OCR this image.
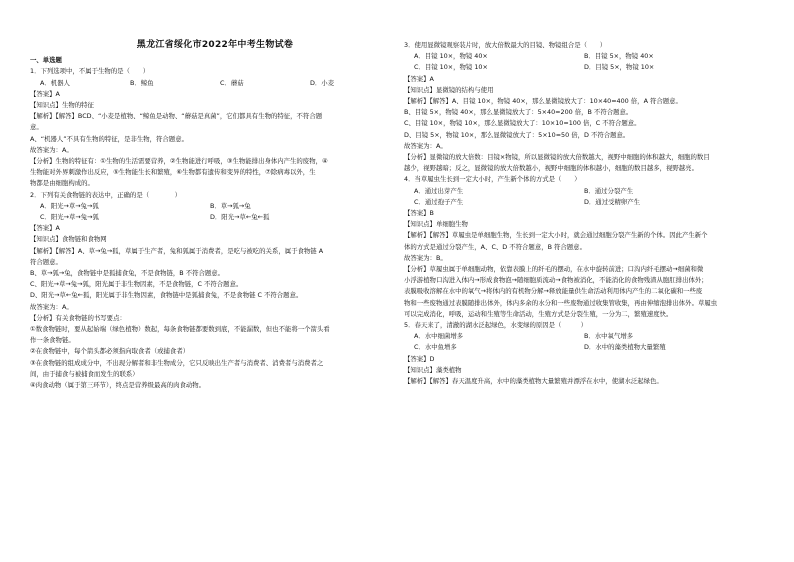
黑龙江省绥化市2022年中考生物试卷

一、单选题

1．下列选项中，不属于生物的是（　　）

A．机器人	B．鲸鱼	C．蘑菇	D．小麦

【答案】A

【知识点】生物的特征

【解析】【解答】BCD、“小麦是植物、“鲸鱼是动物、“蘑菇是真菌”，它们都具有生物的特征，不符合题

意。

A、“机器人”不具有生物的特征，是非生物，符合题意。

故答案为：A。

【分析】生物的特征有：①生物的生活需要营养，②生物能进行呼吸，③生物能排出身体内产生的废物，④

生物能对外界刺激作出反应，⑤生物能生长和繁殖，⑥生物都有遗传和变异的特性，⑦除病毒以外，生

物都是由细胞构成的。

2．下列有关食物链的表达中，正确的是（　　　　）

A．阳光→草→兔→狐	B．草→狐→兔
C．阳光→草→兔→狐	D．阳光→草←兔←狐

【答案】A

【知识点】食物链和食物网

【解析】【解答】A、草→兔→狐，草属于生产者，兔和狐属于消费者，是吃与被吃的关系，属于食物链 A

符合题意。

B、草→狐→兔，食物链中是狐捕食兔，不是食物链，B 不符合题意。

C、阳光→草→兔→狐，阳光属于非生物因素，不是食物链，C 不符合题意。

D、阳光→草←兔←狐，阳光属于非生物因素，食物链中是狐捕食兔，不是食物链 C 不符合题意。

故答案为：A。

【分析】有关食物链的书写要点：

①数食物链时，要从起始端（绿色植物）数起，每条食物链都要数到底，不能漏数，但也不能将一个箭头看

作一条食物链。

②在食物链中，每个箭头都必须指向取食者（或捕食者）

③在食物链的组成成分中，不出现分解者和非生物成分，它只反映出生产者与消费者、消费者与消费者之

间，由于捕食与被捕食而发生的联系）

④肉食动物（属于第三环节），终点是营养级最高的肉食动物。

3．使用显微镜观察装片时，放大倍数最大的目镜、物镜组合是（　　）

A．目镜 10×，物镜 40×	B．目镜 5×，物镜 40×
C．目镜 10×，物镜 10×	D．目镜 5×，物镜 10×

【答案】A

【知识点】显微镜的结构与使用

【解析】【解答】A、目镜 10×，物镜 40×，那么显微镜放大了：10×40=400 倍，A 符合题意。

B、目镜 5×，物镜 40×，那么显微镜放大了：5×40=200 倍，B 不符合题意。

C、目镜 10×，物镜 10×，那么显微镜放大了：10×10=100 倍，C 不符合题意。

D、目镜 5×，物镜 10×，那么显微镜放大了：5×10=50 倍，D 不符合题意。

故答案为：A。

【分析】显微镜的放大倍数：目镜×物镜，所以显微镜的放大倍数越大，视野中细胞的体积越大，细胞的数目

越少，视野越暗；反之，显微镜的放大倍数越小，视野中细胞的体积越小，细胞的数目越多，视野越亮。

4．当草履虫生长到一定大小时，产生新个体的方式是（　　）

A．通过出芽产生	B．通过分裂产生
C．通过孢子产生	D．通过受精卵产生

【答案】B

【知识点】单细胞生物

【解析】【解答】草履虫是单细胞生物，生长到一定大小时，就会通过细胞分裂产生新的个体。因此产生新个

体的方式是通过分裂产生，A、C、D 不符合题意，B 符合题意。

故答案为：B。

【分析】草履虫属于单细胞动物，依靠表膜上的纤毛的摆动，在水中旋转前进；口沟内纤毛摆动→细菌和微

小浮游植物口沟进入体内→形成食物泡→随细胞质流动→食物被消化，不能消化的食物残渣从胞肛排出体外；

表膜吸收溶解在水中的氧气→将体内的有机物分解→释放能量供生命活动利用体内产生的二氧化碳和一些废

物和一些废物通过表膜随排出体外，体内多余的水分和一些废物通过收集管收集，再由伸缩泡排出体外。草履虫

可以完成消化，呼吸，运动和生殖等生命活动，生殖方式是分裂生殖，一分为二，繁殖速度快。

5．春天来了，清澈的湖水泛起绿色，水变绿的原因是（　　　）

A．水中细菌增多	B．水中氧气增多
C．水中鱼增多	D．水中的藻类植物大量繁殖

【答案】D

【知识点】藻类植物

【解析】【解答】春天温度升高，水中的藻类植物大量繁殖并漂浮在水中，使湖水泛起绿色。
